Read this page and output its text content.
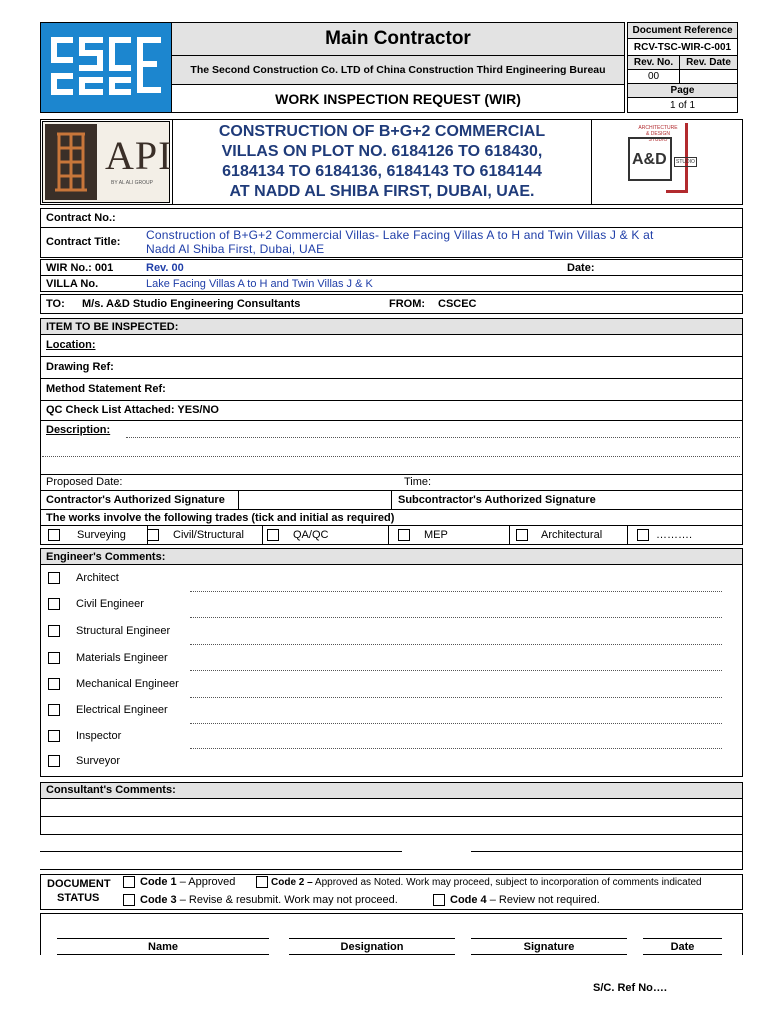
Main Contractor
The Second Construction Co. LTD of China Construction Third Engineering Bureau
WORK INSPECTION REQUEST (WIR)
Document Reference
RCV-TSC-WIR-C-001
Rev. No.	Rev. Date
00
Page
1 of 1
API
BY AL ALI GROUP
CONSTRUCTION OF B+G+2 COMMERCIAL
VILLAS ON PLOT NO. 6184126 TO 618430,
6184134 TO 6184136, 6184143 TO 6184144
AT NADD AL SHIBA FIRST, DUBAI, UAE.
ARCHITECTURE & DESIGN STUDIO
A&D	STUDIO
Contract No.:
Contract Title: Construction of B+G+2 Commercial Villas- Lake Facing Villas A to H and Twin Villas J & K at
Nadd Al Shiba First, Dubai, UAE
WIR No.: 001	Rev. 00	Date:
VILLA No.	Lake Facing Villas A to H and Twin Villas J & K
TO: M/s. A&D Studio Engineering Consultants	FROM: CSCEC
ITEM TO BE INSPECTED:
Location:
Drawing Ref:
Method Statement Ref:
QC Check List Attached: YES/NO
Description:
Proposed Date:	Time:
Contractor's Authorized Signature	Subcontractor's Authorized Signature
The works involve the following trades (tick and initial as required)
Surveying	Civil/Structural	QA/QC	MEP	Architectural	……….
Engineer's Comments:
Architect
Civil Engineer
Structural Engineer
Materials Engineer
Mechanical Engineer
Electrical Engineer
Inspector
Surveyor
Consultant's Comments:
DOCUMENT
STATUS
Code 1 – Approved	Code 2 – Approved as Noted. Work may proceed, subject to incorporation of comments indicated
Code 3 – Revise & resubmit. Work may not proceed.	Code 4 – Review not required.
Name	Designation	Signature	Date
S/C. Ref No….
